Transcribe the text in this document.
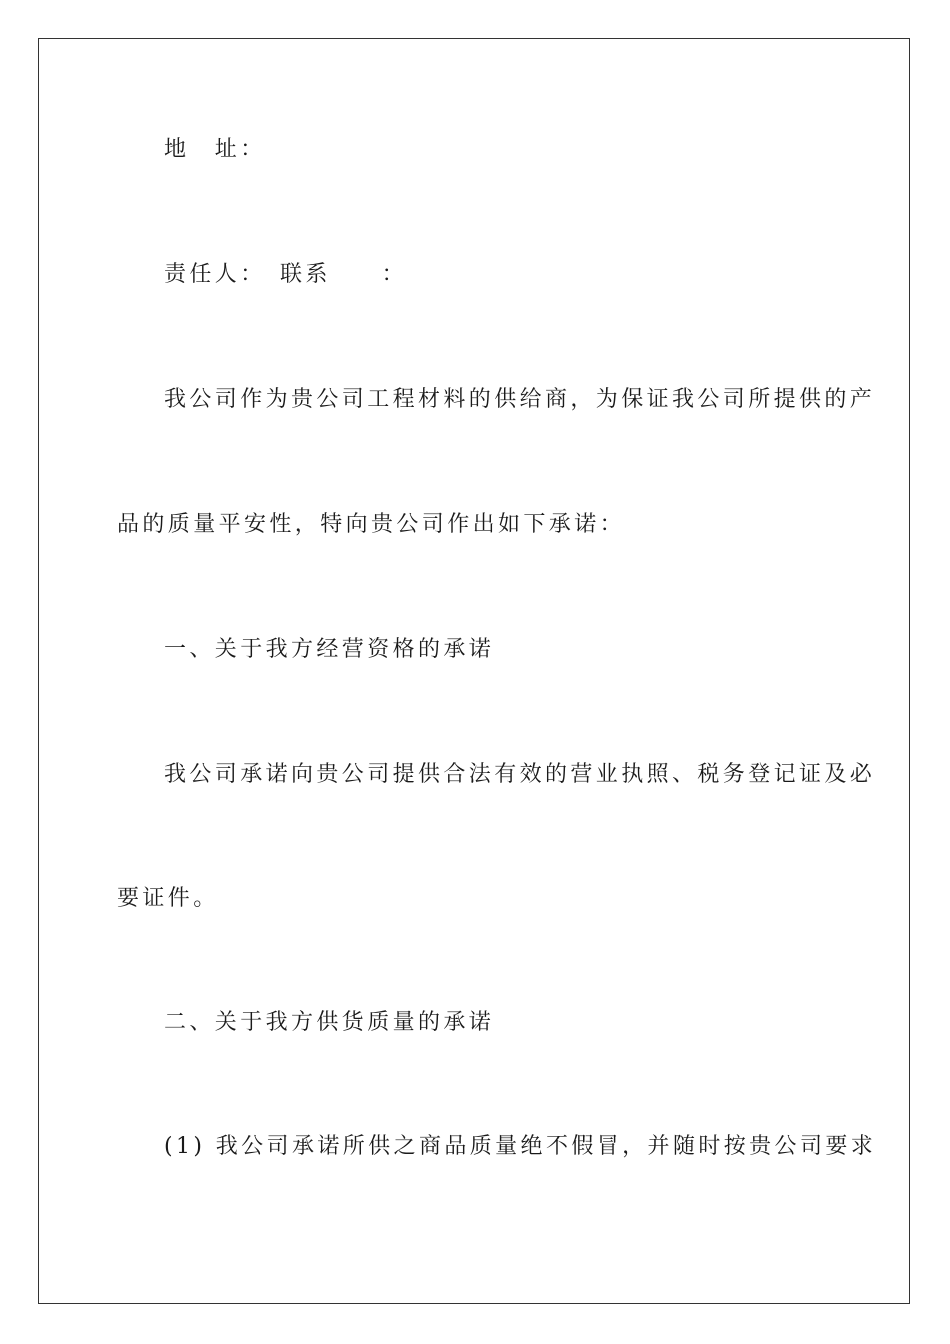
地　址：
责任人：　联系　　：
我公司作为贵公司工程材料的供给商，为保证我公司所提供的产
品的质量平安性，特向贵公司作出如下承诺：
一、关于我方经营资格的承诺
我公司承诺向贵公司提供合法有效的营业执照、税务登记证及必
要证件。
二、关于我方供货质量的承诺
(1) 我公司承诺所供之商品质量绝不假冒，并随时按贵公司要求
